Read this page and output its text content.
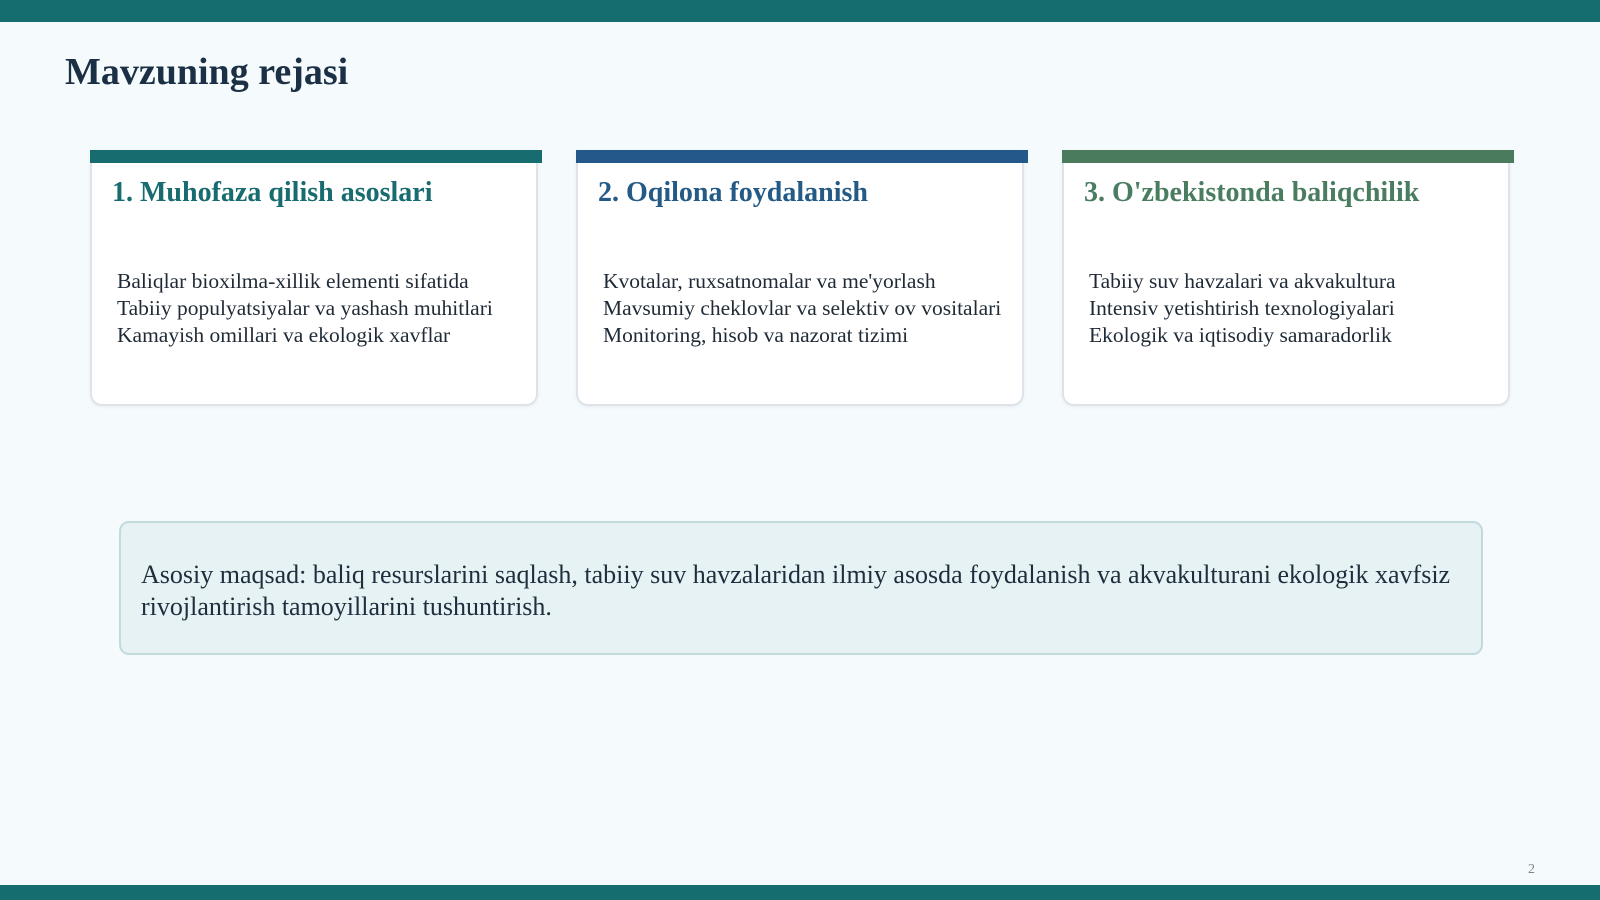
Mavzuning rejasi
1. Muhofaza qilish asoslari
Baliqlar bioxilma-xillik elementi sifatida
Tabiiy populyatsiyalar va yashash muhitlari
Kamayish omillari va ekologik xavflar
2. Oqilona foydalanish
Kvotalar, ruxsatnomalar va me'yorlash
Mavsumiy cheklovlar va selektiv ov vositalari
Monitoring, hisob va nazorat tizimi
3. O'zbekistonda baliqchilik
Tabiiy suv havzalari va akvakultura
Intensiv yetishtirish texnologiyalari
Ekologik va iqtisodiy samaradorlik

Asosiy maqsad: baliq resurslarini saqlash, tabiiy suv havzalaridan ilmiy asosda foydalanish va akvakulturani ekologik xavfsiz rivojlantirish tamoyillarini tushuntirish.

2
